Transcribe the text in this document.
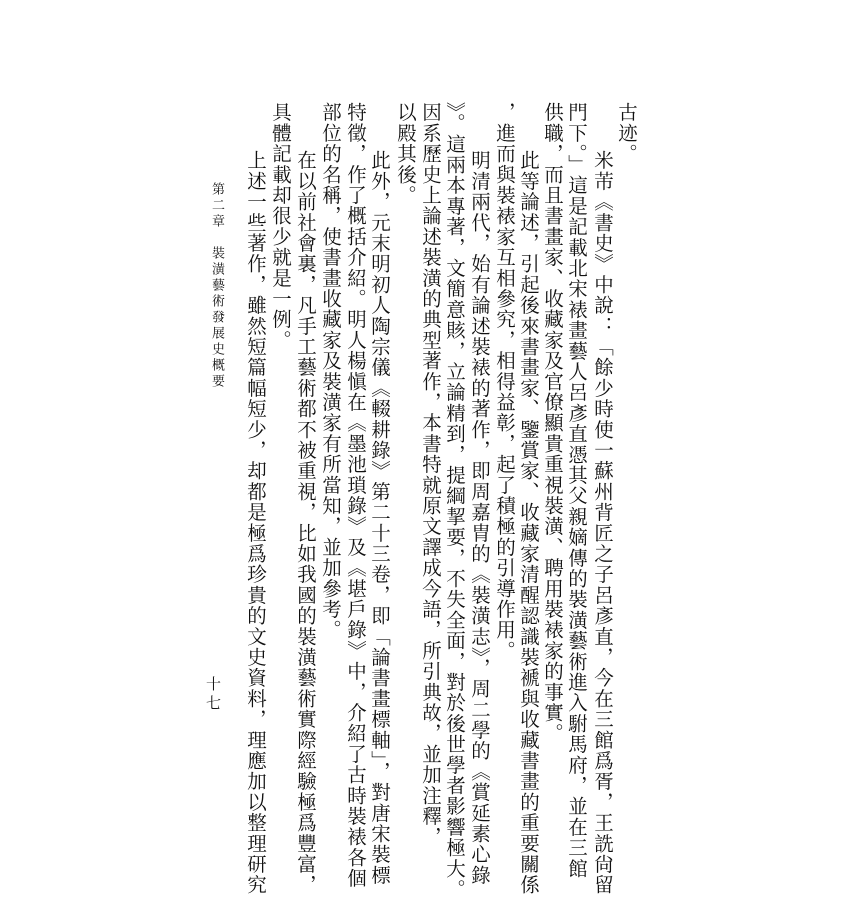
古迹。
米芾《書史》中說：「餘少時使一蘇州背匠之子呂彥直，今在三館爲胥，王詵尙留
門下。」這是記載北宋裱畫藝人呂彥直憑其父親嫡傳的裝潢藝術進入駙馬府，並在三館
供職，而且書畫家、收藏家及官僚顯貴重視裝潢、聘用裝裱家的事實。
此等論述，引起後來書畫家、鑒賞家、收藏家清醒認識裝褫與收藏書畫的重要關係
，進而與裝裱家互相參究，相得益彰，起了積極的引導作用。
明清兩代，始有論述裝裱的著作，即周嘉胄的《裝潢志》，周二學的《賞延素心錄
》。這兩本專著，文簡意賅，立論精到，提綱挈要，不失全面，對於後世學者影響極大。
因系歷史上論述裝潢的典型著作，本書特就原文譯成今語，所引典故，並加注釋，
以殿其後。
此外，元末明初人陶宗儀《輟耕錄》第二十三卷，即「論書畫標軸」，對唐宋裝標
特徵，作了概括介紹。明人楊愼在《墨池瑣錄》及《堪戶錄》中，介紹了古時裝裱各個
部位的名稱，使書畫收藏家及裝潢家有所當知，並加參考。
在以前社會裏，凡手工藝術都不被重視，比如我國的裝潢藝術實際經驗極爲豐富，
具體記載却很少就是一例。
上述一些著作，雖然短篇幅短少，却都是極爲珍貴的文史資料，理應加以整理研究
第二章　裝潢藝術發展史概要
十七
